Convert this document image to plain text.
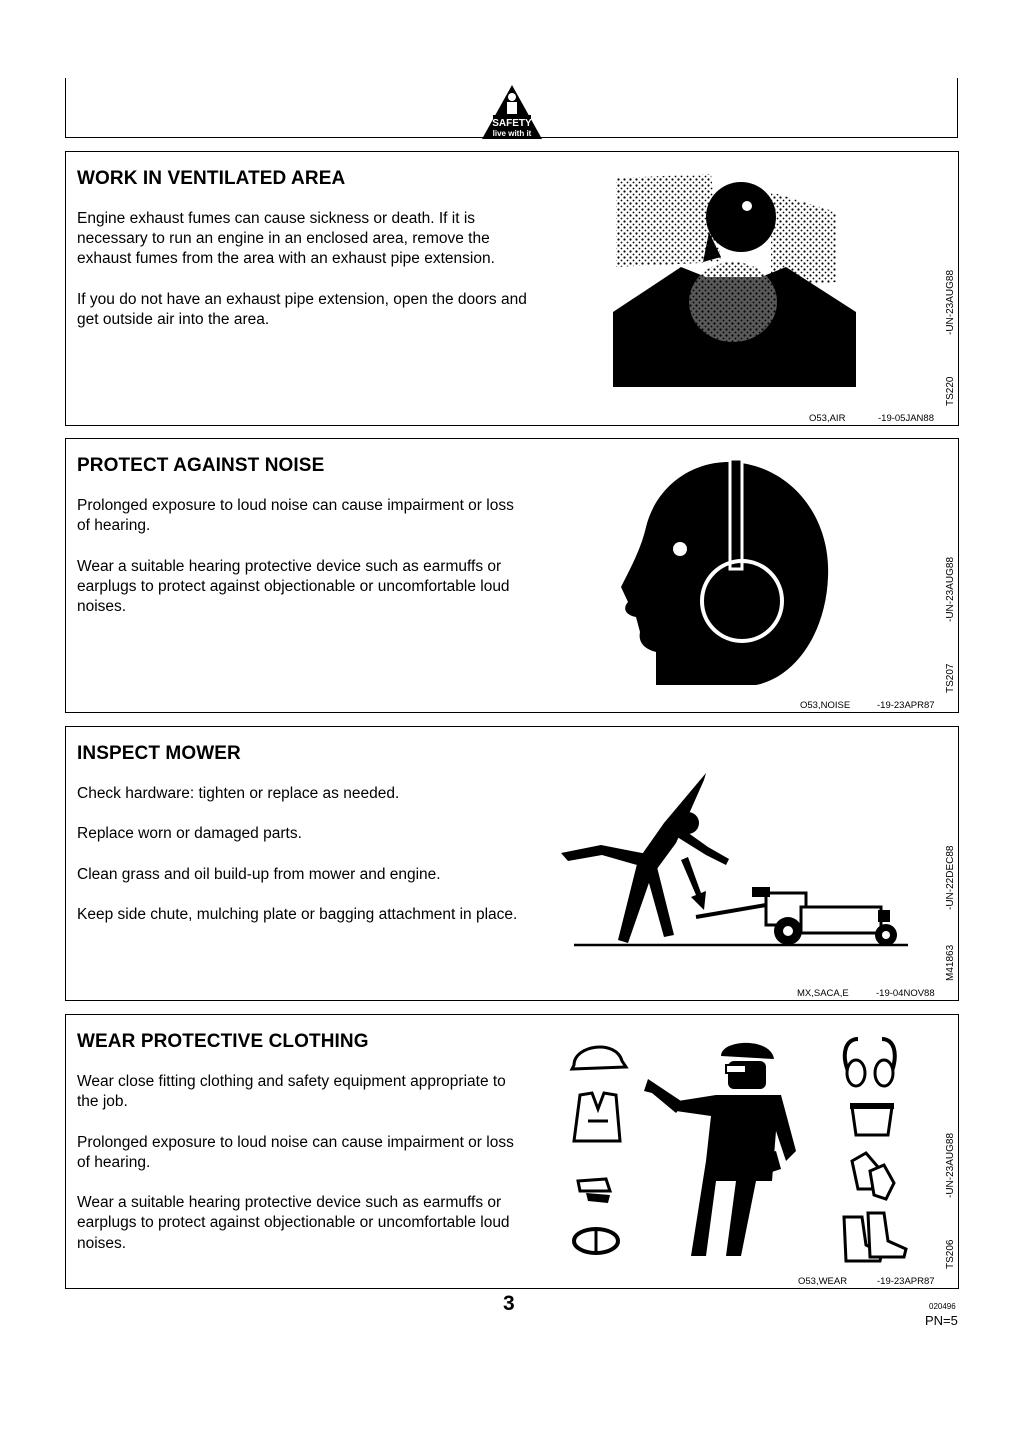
SAFETY
live with it
WORK IN VENTILATED AREA

Engine exhaust fumes can cause sickness or death. If it is necessary to run an engine in an enclosed area, remove the exhaust fumes from the area with an exhaust pipe extension.

If you do not have an exhaust pipe extension, open the doors and get outside air into the area.	-UN-23AUG88
TS220
O53,AIR	-19-05JAN88
PROTECT AGAINST NOISE

Prolonged exposure to loud noise can cause impairment or loss of hearing.

Wear a suitable hearing protective device such as earmuffs or earplugs to protect against objectionable or uncomfortable loud noises.	-UN-23AUG88
TS207
O53,NOISE	-19-23APR87
INSPECT MOWER

Check hardware: tighten or replace as needed.

Replace worn or damaged parts.

Clean grass and oil build-up from mower and engine.

Keep side chute, mulching plate or bagging attachment in place.

-UN-22DEC88
M41863
MX,SACA,E	-19-04NOV88
WEAR PROTECTIVE CLOTHING

Wear close fitting clothing and safety equipment appropriate to the job.

Prolonged exposure to loud noise can cause impairment or loss of hearing.

Wear a suitable hearing protective device such as earmuffs or earplugs to protect against objectionable or uncomfortable loud noises.

-UN-23AUG88
TS206
O53,WEAR	-19-23APR87
3	020496
PN=5
